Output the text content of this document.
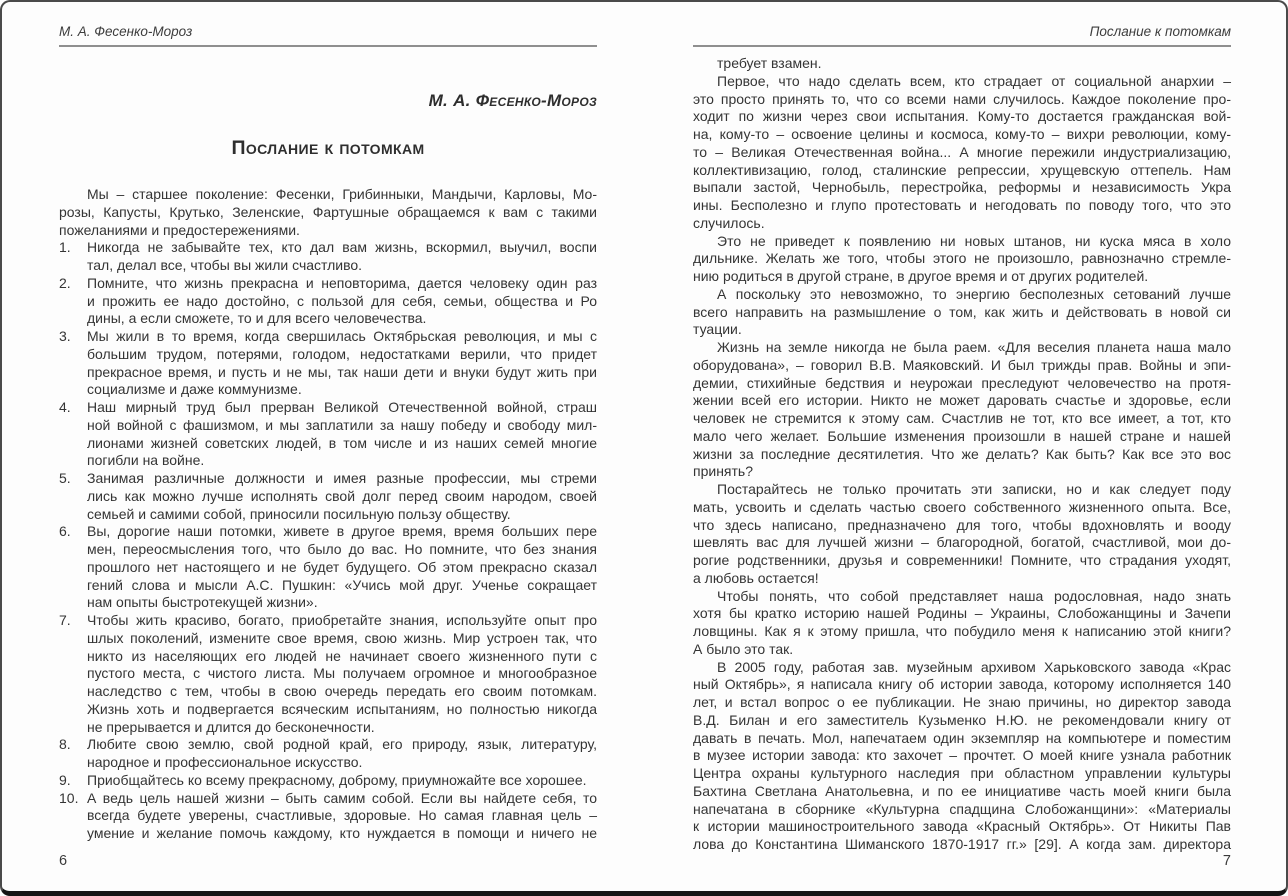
М. А. Фесенко-Мороз
М. А. Фесенко-Мороз
Послание к потомкам
Мы – старшее поколение: Фесенки, Грибинныки, Мандычи, Карловы, Мо-
розы, Капусты, Крутько, Зеленские, Фартушные обращаемся к вам с такими
пожеланиями и предостережениями.
1.	Никогда не забывайте тех, кто дал вам жизнь, вскормил, выучил, воспи
тал, делал все, чтобы вы жили счастливо.
2.	Помните, что жизнь прекрасна и неповторима, дается человеку один раз
и прожить ее надо достойно, с пользой для себя, семьи, общества и Ро
дины, а если сможете, то и для всего человечества.
3.	Мы жили в то время, когда свершилась Октябрьская революция, и мы с
большим трудом, потерями, голодом, недостатками верили, что придет
прекрасное время, и пусть и не мы, так наши дети и внуки будут жить при
социализме и даже коммунизме.
4.	Наш мирный труд был прерван Великой Отечественной войной, страш
ной войной с фашизмом, и мы заплатили за нашу победу и свободу мил-
лионами жизней советских людей, в том числе и из наших семей многие
погибли на войне.
5.	Занимая различные должности и имея разные профессии, мы стреми
лись как можно лучше исполнять свой долг перед своим народом, своей
семьей и самими собой, приносили посильную пользу обществу.
6.	Вы, дорогие наши потомки, живете в другое время, время больших пере
мен, переосмысления того, что было до вас. Но помните, что без знания
прошлого нет настоящего и не будет будущего. Об этом прекрасно сказал
гений слова и мысли А.С. Пушкин: «Учись мой друг. Ученье сокращает
нам опыты быстротекущей жизни».
7.	Чтобы жить красиво, богато, приобретайте знания, используйте опыт про
шлых поколений, измените свое время, свою жизнь. Мир устроен так, что
никто из населяющих его людей не начинает своего жизненного пути с
пустого места, с чистого листа. Мы получаем огромное и многообразное
наследство с тем, чтобы в свою очередь передать его своим потомкам.
Жизнь хоть и подвергается всяческим испытаниям, но полностью никогда
не прерывается и длится до бесконечности.
8.	Любите свою землю, свой родной край, его природу, язык, литературу,
народное и профессиональное искусство.
9.	Приобщайтесь ко всему прекрасному, доброму, приумножайте все хорошее.
10. А ведь цель нашей жизни – быть самим собой. Если вы найдете себя, то
всегда будете уверены, счастливые, здоровые. Но самая главная цель –
умение и желание помочь каждому, кто нуждается в помощи и ничего не
6
Послание к потомкам
требует взамен.
Первое, что надо сделать всем, кто страдает от социальной анархии –
это просто принять то, что со всеми нами случилось. Каждое поколение про-
ходит по жизни через свои испытания. Кому-то достается гражданская вой-
на, кому-то – освоение целины и космоса, кому-то – вихри революции, кому-
то – Великая Отечественная война... А многие пережили индустриализацию,
коллективизацию, голод, сталинские репрессии, хрущевскую оттепель. Нам
выпали застой, Чернобыль, перестройка, реформы и независимость Укра
ины. Бесполезно и глупо протестовать и негодовать по поводу того, что это
случилось.
Это не приведет к появлению ни новых штанов, ни куска мяса в холо
дильнике. Желать же того, чтобы этого не произошло, равнозначно стремле-
нию родиться в другой стране, в другое время и от других родителей.
А поскольку это невозможно, то энергию бесполезных сетований лучше
всего направить на размышление о том, как жить и действовать в новой си
туации.
Жизнь на земле никогда не была раем. «Для веселия планета наша мало
оборудована», – говорил В.В. Маяковский. И был трижды прав. Войны и эпи-
демии, стихийные бедствия и неурожаи преследуют человечество на протя-
жении всей его истории. Никто не может даровать счастье и здоровье, если
человек не стремится к этому сам. Счастлив не тот, кто все имеет, а тот, кто
мало чего желает. Большие изменения произошли в нашей стране и нашей
жизни за последние десятилетия. Что же делать? Как быть? Как все это вос
принять?
Постарайтесь не только прочитать эти записки, но и как следует поду
мать, усвоить и сделать частью своего собственного жизненного опыта. Все,
что здесь написано, предназначено для того, чтобы вдохновлять и вооду
шевлять вас для лучшей жизни – благородной, богатой, счастливой, мои до-
рогие родственники, друзья и современники! Помните, что страдания уходят,
а любовь остается!
Чтобы понять, что собой представляет наша родословная, надо знать
хотя бы кратко историю нашей Родины – Украины, Слобожанщины и Зачепи
ловщины. Как я к этому пришла, что побудило меня к написанию этой книги?
А было это так.
В 2005 году, работая зав. музейным архивом Харьковского завода «Крас
ный Октябрь», я написала книгу об истории завода, которому исполняется 140
лет, и встал вопрос о ее публикации. Не знаю причины, но директор завода
В.Д. Билан и его заместитель Кузьменко Н.Ю. не рекомендовали книгу от
давать в печать. Мол, напечатаем один экземпляр на компьютере и поместим
в музее истории завода: кто захочет – прочтет. О моей книге узнала работник
Центра охраны культурного наследия при областном управлении культуры
Бахтина Светлана Анатольевна, и по ее инициативе часть моей книги была
напечатана в сборнике «Культурна спадщина Слобожанщини»: «Материалы
к истории машиностроительного завода «Красный Октябрь». От Никиты Пав
лова до Константина Шиманского 1870-1917 гг.» [29]. А когда зам. директора
7
